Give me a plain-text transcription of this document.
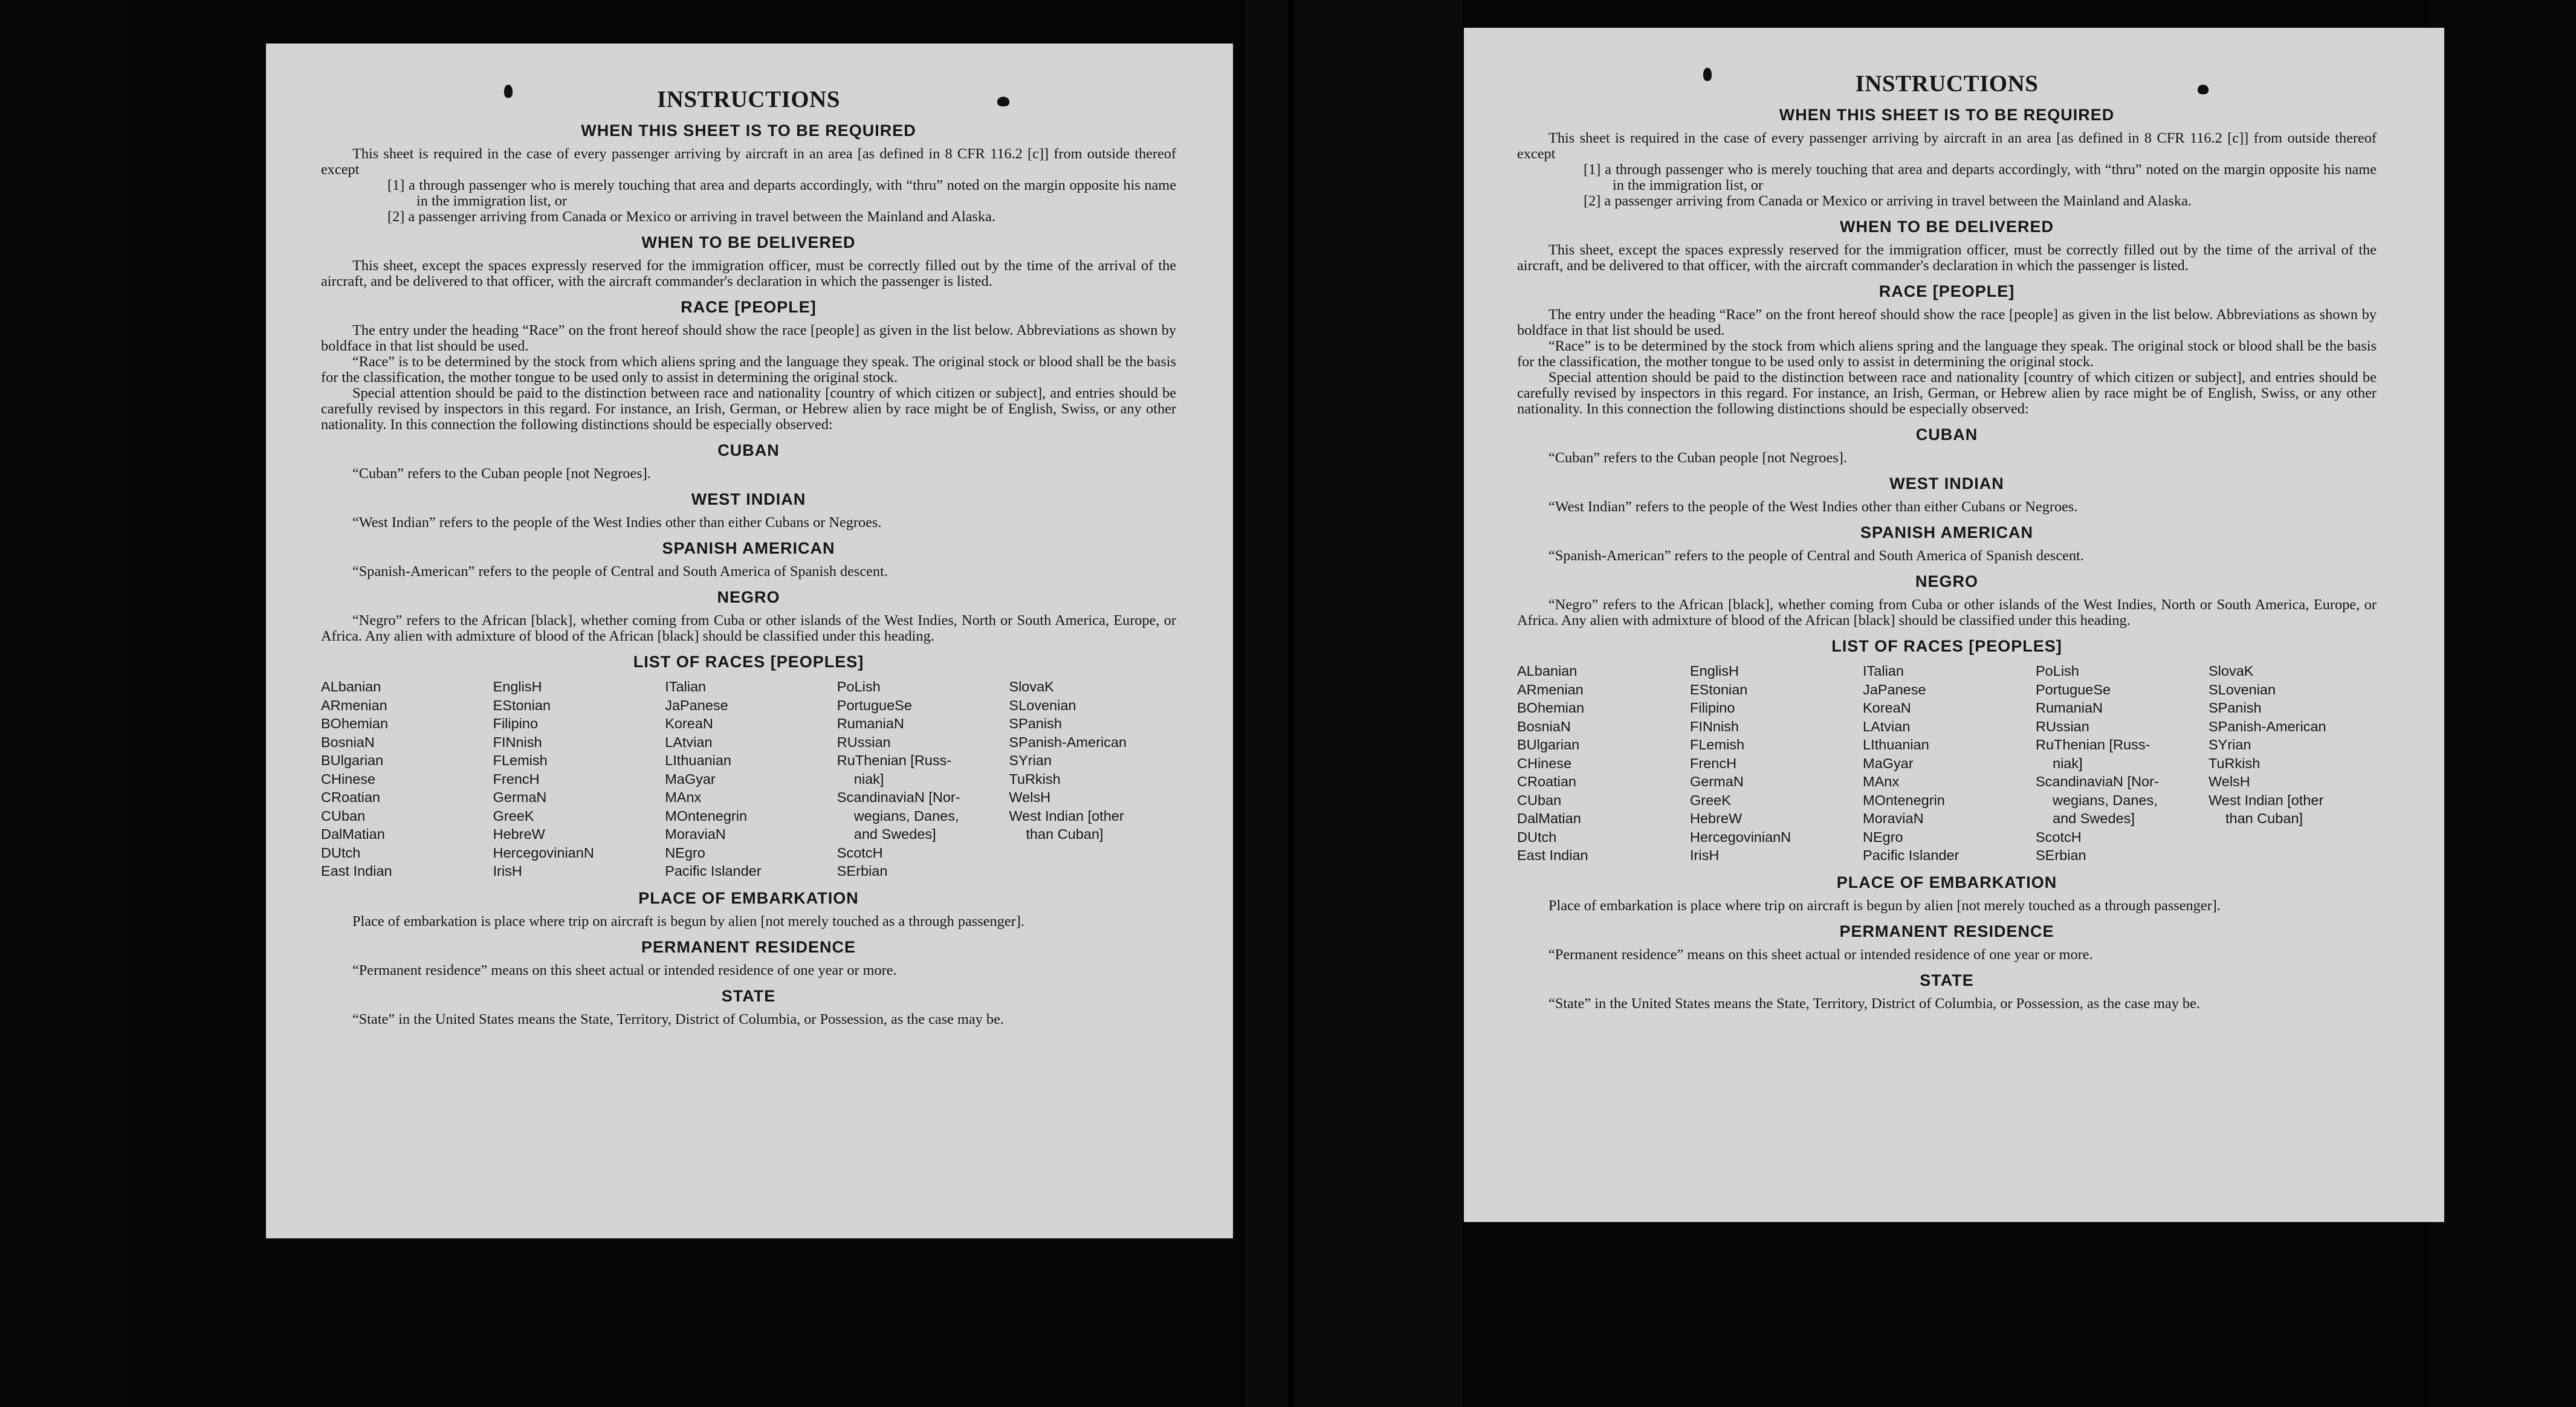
INSTRUCTIONS
WHEN THIS SHEET IS TO BE REQUIRED

This sheet is required in the case of every passenger arriving by aircraft in an area [as defined in 8 CFR 116.2 [c]] from outside thereof except

[1] a through passenger who is merely touching that area and departs accordingly, with “thru” noted on the margin opposite his name in the immigration list, or

[2] a passenger arriving from Canada or Mexico or arriving in travel between the Mainland and Alaska.

WHEN TO BE DELIVERED

This sheet, except the spaces expressly reserved for the immigration officer, must be correctly filled out by the time of the arrival of the aircraft, and be delivered to that officer, with the aircraft commander's declaration in which the passenger is listed.

RACE [PEOPLE]

The entry under the heading “Race” on the front hereof should show the race [people] as given in the list below. Abbreviations as shown by boldface in that list should be used.

“Race” is to be determined by the stock from which aliens spring and the language they speak. The original stock or blood shall be the basis for the classification, the mother tongue to be used only to assist in determining the original stock.

Special attention should be paid to the distinction between race and nationality [country of which citizen or subject], and entries should be carefully revised by inspectors in this regard. For instance, an Irish, German, or Hebrew alien by race might be of English, Swiss, or any other nationality. In this connection the following distinctions should be especially observed:

CUBAN

“Cuban” refers to the Cuban people [not Negroes].

WEST INDIAN

“West Indian” refers to the people of the West Indies other than either Cubans or Negroes.

SPANISH AMERICAN

“Spanish-American” refers to the people of Central and South America of Spanish descent.

NEGRO

“Negro” refers to the African [black], whether coming from Cuba or other islands of the West Indies, North or South America, Europe, or Africa. Any alien with admixture of blood of the African [black] should be classified under this heading.

LIST OF RACES [PEOPLES]
ALbanian
ARmenian
BOhemian
BosniaN
BUlgarian
CHinese
CRoatian
CUban
DalMatian
DUtch
East Indian
EnglisH
EStonian
Filipino
FINnish
FLemish
FrencH
GermaN
GreeK
HebreW
HercegovinianN
IrisH
ITalian
JaPanese
KoreaN
LAtvian
LIthuanian
MaGyar
MAnx
MOntenegrin
MoraviaN
NEgro
Pacific Islander
PoLish
PortugueSe
RumaniaN
RUssian
RuThenian [Russ-
niak]
ScandinaviaN [Nor-
wegians, Danes,
and Swedes]
ScotcH
SErbian
SlovaK
SLovenian
SPanish
SPanish-American
SYrian
TuRkish
WelsH
West Indian [other
than Cuban]
PLACE OF EMBARKATION

Place of embarkation is place where trip on aircraft is begun by alien [not merely touched as a through passenger].

PERMANENT RESIDENCE

“Permanent residence” means on this sheet actual or intended residence of one year or more.

STATE

“State” in the United States means the State, Territory, District of Columbia, or Possession, as the case may be.

INSTRUCTIONS
WHEN THIS SHEET IS TO BE REQUIRED

This sheet is required in the case of every passenger arriving by aircraft in an area [as defined in 8 CFR 116.2 [c]] from outside thereof except

[1] a through passenger who is merely touching that area and departs accordingly, with “thru” noted on the margin opposite his name in the immigration list, or

[2] a passenger arriving from Canada or Mexico or arriving in travel between the Mainland and Alaska.

WHEN TO BE DELIVERED

This sheet, except the spaces expressly reserved for the immigration officer, must be correctly filled out by the time of the arrival of the aircraft, and be delivered to that officer, with the aircraft commander's declaration in which the passenger is listed.

RACE [PEOPLE]

The entry under the heading “Race” on the front hereof should show the race [people] as given in the list below. Abbreviations as shown by boldface in that list should be used.

“Race” is to be determined by the stock from which aliens spring and the language they speak. The original stock or blood shall be the basis for the classification, the mother tongue to be used only to assist in determining the original stock.

Special attention should be paid to the distinction between race and nationality [country of which citizen or subject], and entries should be carefully revised by inspectors in this regard. For instance, an Irish, German, or Hebrew alien by race might be of English, Swiss, or any other nationality. In this connection the following distinctions should be especially observed:

CUBAN

“Cuban” refers to the Cuban people [not Negroes].

WEST INDIAN

“West Indian” refers to the people of the West Indies other than either Cubans or Negroes.

SPANISH AMERICAN

“Spanish-American” refers to the people of Central and South America of Spanish descent.

NEGRO

“Negro” refers to the African [black], whether coming from Cuba or other islands of the West Indies, North or South America, Europe, or Africa. Any alien with admixture of blood of the African [black] should be classified under this heading.

LIST OF RACES [PEOPLES]
ALbanian
ARmenian
BOhemian
BosniaN
BUlgarian
CHinese
CRoatian
CUban
DalMatian
DUtch
East Indian
EnglisH
EStonian
Filipino
FINnish
FLemish
FrencH
GermaN
GreeK
HebreW
HercegovinianN
IrisH
ITalian
JaPanese
KoreaN
LAtvian
LIthuanian
MaGyar
MAnx
MOntenegrin
MoraviaN
NEgro
Pacific Islander
PoLish
PortugueSe
RumaniaN
RUssian
RuThenian [Russ-
niak]
ScandinaviaN [Nor-
wegians, Danes,
and Swedes]
ScotcH
SErbian
SlovaK
SLovenian
SPanish
SPanish-American
SYrian
TuRkish
WelsH
West Indian [other
than Cuban]
PLACE OF EMBARKATION

Place of embarkation is place where trip on aircraft is begun by alien [not merely touched as a through passenger].

PERMANENT RESIDENCE

“Permanent residence” means on this sheet actual or intended residence of one year or more.

STATE

“State” in the United States means the State, Territory, District of Columbia, or Possession, as the case may be.
